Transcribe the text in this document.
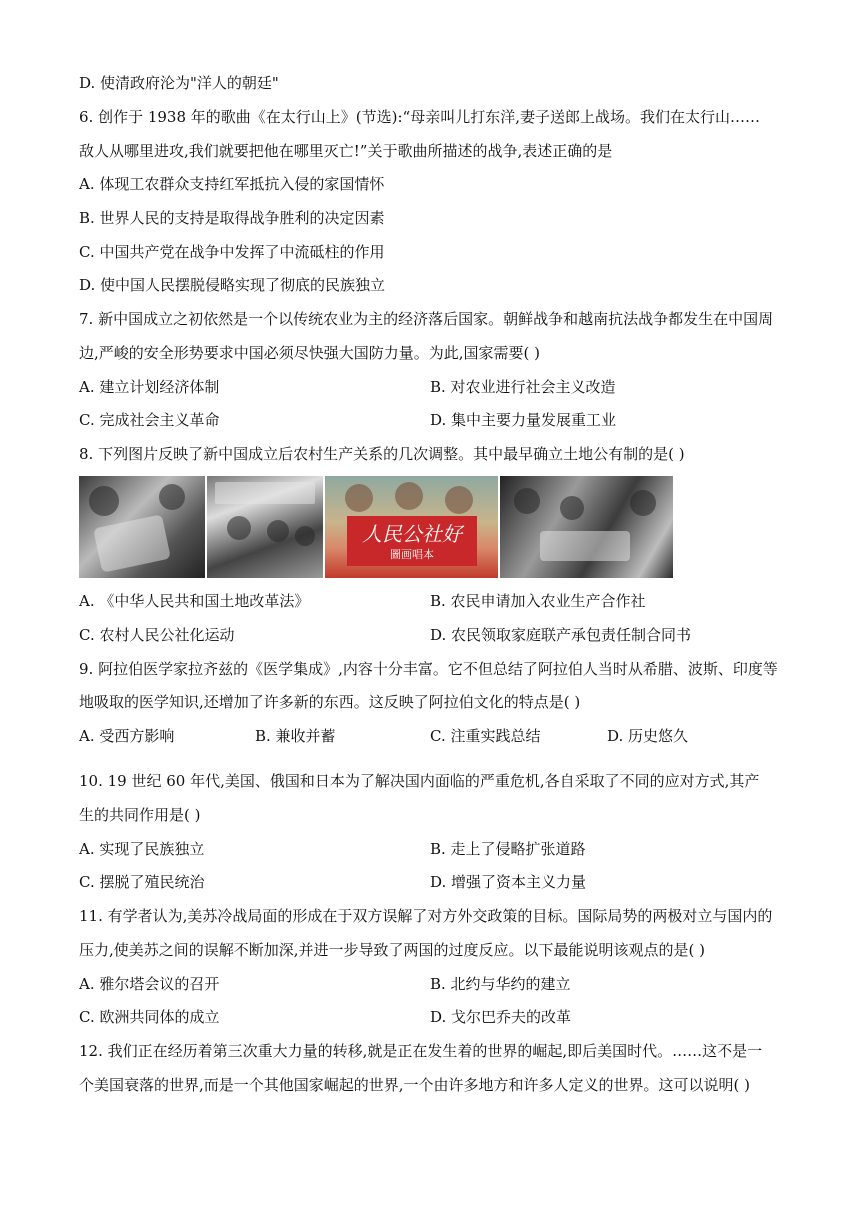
D. 使清政府沦为"洋人的朝廷"
6. 创作于 1938 年的歌曲《在太行山上》(节选):“母亲叫儿打东洋,妻子送郎上战场。我们在太行山……
敌人从哪里进攻,我们就要把他在哪里灭亡!”关于歌曲所描述的战争,表述正确的是
A. 体现工农群众支持红军抵抗入侵的家国情怀
B. 世界人民的支持是取得战争胜利的决定因素
C. 中国共产党在战争中发挥了中流砥柱的作用
D. 使中国人民摆脱侵略实现了彻底的民族独立
7. 新中国成立之初依然是一个以传统农业为主的经济落后国家。朝鲜战争和越南抗法战争都发生在中国周
边,严峻的安全形势要求中国必须尽快强大国防力量。为此,国家需要( )
A. 建立计划经济体制	B. 对农业进行社会主义改造
C. 完成社会主义革命	D. 集中主要力量发展重工业
8. 下列图片反映了新中国成立后农村生产关系的几次调整。其中最早确立土地公有制的是( )
人民公社好
圖画唱本
A. 《中华人民共和国土地改革法》	B. 农民申请加入农业生产合作社
C. 农村人民公社化运动	D. 农民领取家庭联产承包责任制合同书
9. 阿拉伯医学家拉齐兹的《医学集成》,内容十分丰富。它不但总结了阿拉伯人当时从希腊、波斯、印度等
地吸取的医学知识,还增加了许多新的东西。这反映了阿拉伯文化的特点是( )
A. 受西方影响	B. 兼收并蓄	C. 注重实践总结	D. 历史悠久
10. 19 世纪 60 年代,美国、俄国和日本为了解决国内面临的严重危机,各自采取了不同的应对方式,其产
生的共同作用是( )
A. 实现了民族独立	B. 走上了侵略扩张道路
C. 摆脱了殖民统治	D. 增强了资本主义力量
11. 有学者认为,美苏冷战局面的形成在于双方误解了对方外交政策的目标。国际局势的两极对立与国内的
压力,使美苏之间的误解不断加深,并进一步导致了两国的过度反应。以下最能说明该观点的是( )
A. 雅尔塔会议的召开	B. 北约与华约的建立
C. 欧洲共同体的成立	D. 戈尔巴乔夫的改革
12. 我们正在经历着第三次重大力量的转移,就是正在发生着的世界的崛起,即后美国时代。……这不是一
个美国衰落的世界,而是一个其他国家崛起的世界,一个由许多地方和许多人定义的世界。这可以说明( )
